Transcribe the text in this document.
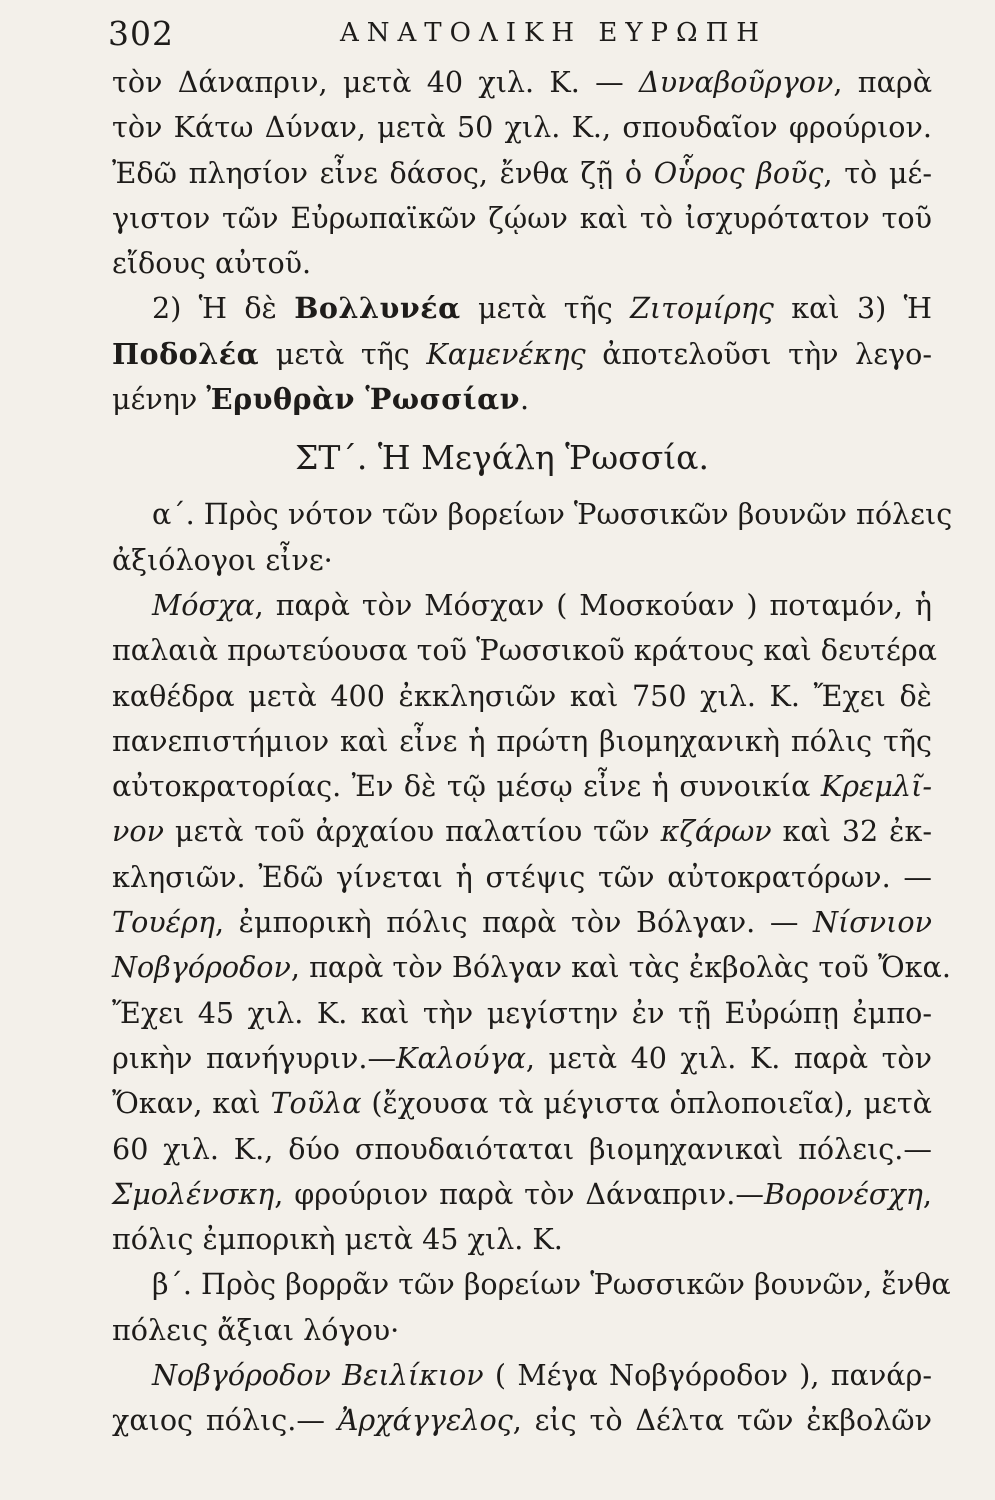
302	ΑΝΑΤΟΛΙΚΗ ΕΥΡΩΠΗ
τὸν Δάναπριν, μετὰ 40 χιλ. Κ. — Δυναβοῦργον, παρὰ
τὸν Κάτω Δύναν, μετὰ 50 χιλ. Κ., σπουδαῖον φρούριον.
Ἐδῶ πλησίον εἶνε δάσος, ἔνθα ζῇ ὁ Οὗρος βοῦς, τὸ μέ-
γιστον τῶν Εὐρωπαϊκῶν ζῴων καὶ τὸ ἰσχυρότατον τοῦ
εἴδους αὐτοῦ.
2) Ἡ δὲ Βολλυνέα μετὰ τῆς Ζιτομίρης καὶ 3) Ἡ
Ποδολέα μετὰ τῆς Καμενέκης ἀποτελοῦσι τὴν λεγο-
μένην Ἐρυθρὰν Ῥωσσίαν.
ΣΤ΄. Ἡ Μεγάλη Ῥωσσία.
α΄. Πρὸς νότον τῶν βορείων Ῥωσσικῶν βουνῶν πόλεις
ἀξιόλογοι εἶνε·
Μόσχα, παρὰ τὸν Μόσχαν ( Μοσκούαν ) ποταμόν, ἡ
παλαιὰ πρωτεύουσα τοῦ Ῥωσσικοῦ κράτους καὶ δευτέρα
καθέδρα μετὰ 400 ἐκκλησιῶν καὶ 750 χιλ. Κ. Ἔχει δὲ
πανεπιστήμιον καὶ εἶνε ἡ πρώτη βιομηχανικὴ πόλις τῆς
αὐτοκρατορίας. Ἐν δὲ τῷ μέσῳ εἶνε ἡ συνοικία Κρεμλῖ-
νον μετὰ τοῦ ἀρχαίου παλατίου τῶν κζάρων καὶ 32 ἐκ-
κλησιῶν. Ἐδῶ γίνεται ἡ στέψις τῶν αὐτοκρατόρων. —
Τουέρη, ἐμπορικὴ πόλις παρὰ τὸν Βόλγαν. — Νίσνιον
Νοβγόροδον, παρὰ τὸν Βόλγαν καὶ τὰς ἐκβολὰς τοῦ Ὄκα.
Ἔχει 45 χιλ. Κ. καὶ τὴν μεγίστην ἐν τῇ Εὐρώπῃ ἐμπο-
ρικὴν πανήγυριν.—Καλούγα, μετὰ 40 χιλ. Κ. παρὰ τὸν
Ὄκαν, καὶ Τοῦλα (ἔχουσα τὰ μέγιστα ὁπλοποιεῖα), μετὰ
60 χιλ. Κ., δύο σπουδαιόταται βιομηχανικαὶ πόλεις.—
Σμολένσκη, φρούριον παρὰ τὸν Δάναπριν.—Βορονέσχη,
πόλις ἐμπορικὴ μετὰ 45 χιλ. Κ.
β΄. Πρὸς βορρᾶν τῶν βορείων Ῥωσσικῶν βουνῶν, ἔνθα
πόλεις ἄξιαι λόγου·
Νοβγόροδον Βειλίκιον ( Μέγα Νοβγόροδον ), πανάρ-
χαιος πόλις.— Ἀρχάγγελος, εἰς τὸ Δέλτα τῶν ἐκβολῶν
